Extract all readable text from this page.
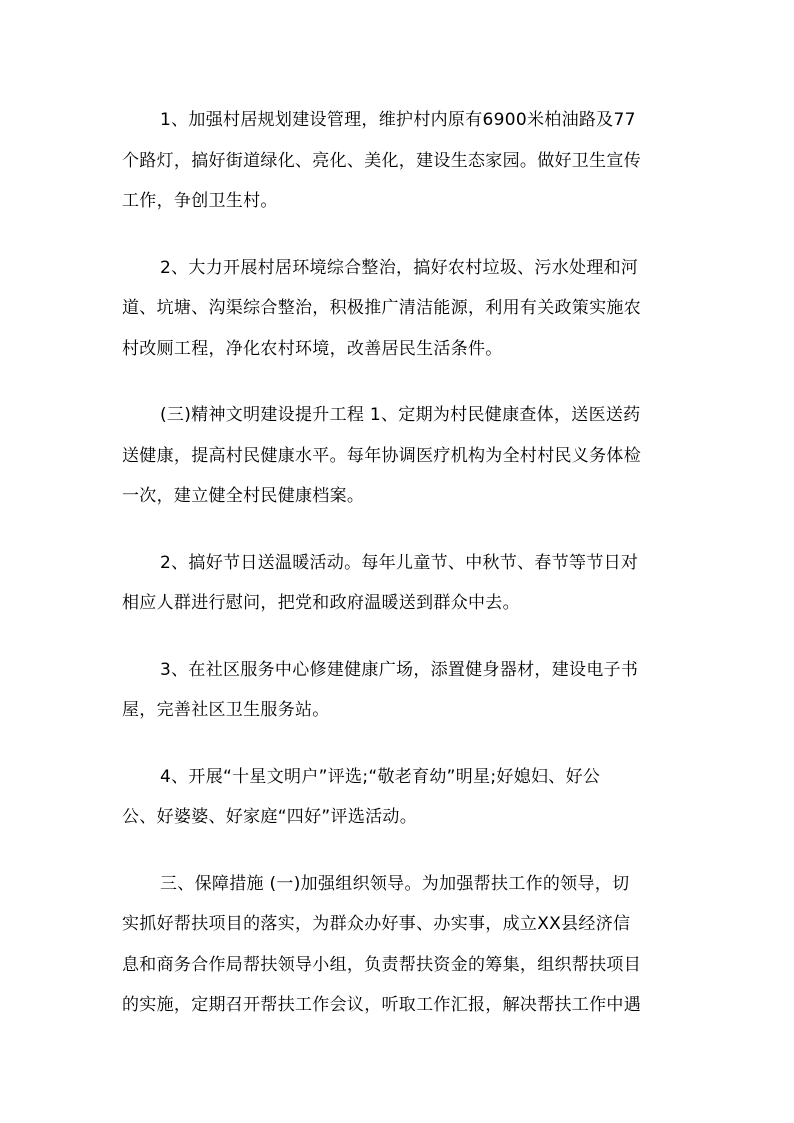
1、加强村居规划建设管理，维护村内原有6900米柏油路及77
个路灯，搞好街道绿化、亮化、美化，建设生态家园。做好卫生宣传
工作，争创卫生村。

2、大力开展村居环境综合整治，搞好农村垃圾、污水处理和河
道、坑塘、沟渠综合整治，积极推广清洁能源，利用有关政策实施农
村改厕工程，净化农村环境，改善居民生活条件。

(三)精神文明建设提升工程 1、定期为村民健康查体，送医送药
送健康，提高村民健康水平。每年协调医疗机构为全村村民义务体检
一次，建立健全村民健康档案。

2、搞好节日送温暖活动。每年儿童节、中秋节、春节等节日对
相应人群进行慰问，把党和政府温暖送到群众中去。

3、在社区服务中心修建健康广场，添置健身器材，建设电子书
屋，完善社区卫生服务站。

4、开展“十星文明户”评选;“敬老育幼”明星;好媳妇、好公
公、好婆婆、好家庭“四好”评选活动。

三、保障措施 (一)加强组织领导。为加强帮扶工作的领导，切
实抓好帮扶项目的落实，为群众办好事、办实事，成立XX县经济信
息和商务合作局帮扶领导小组，负责帮扶资金的筹集，组织帮扶项目
的实施，定期召开帮扶工作会议，听取工作汇报，解决帮扶工作中遇
